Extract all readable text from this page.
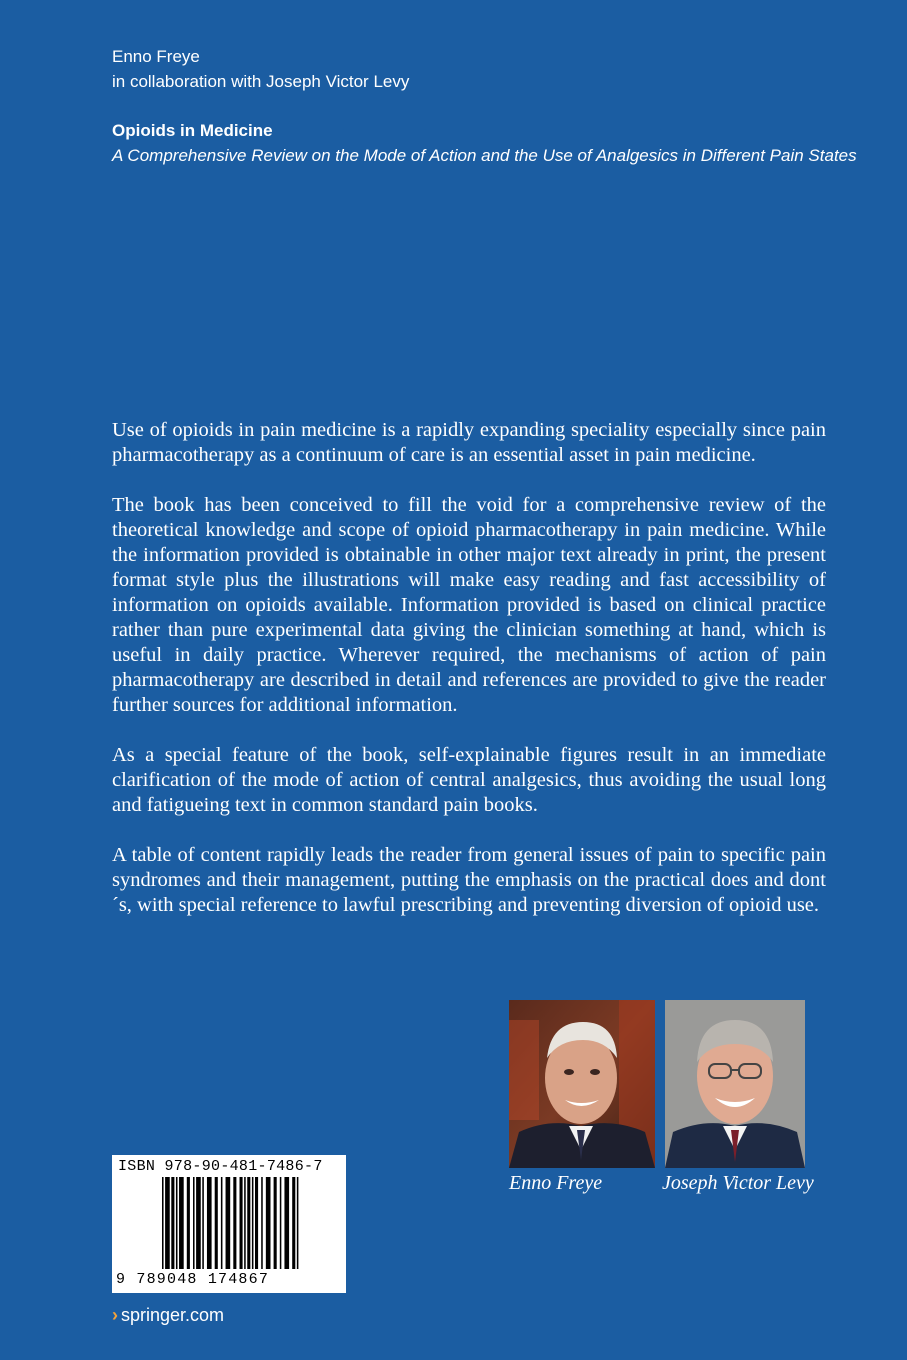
Enno Freye
in collaboration with Joseph Victor Levy
Opioids in Medicine
A Comprehensive Review on the Mode of Action and the Use of Analgesics in Different Pain States

Use of opioids in pain medicine is a rapidly expanding speciality especially since pain pharmacotherapy as a continuum of care is an essential asset in pain medicine.

The book has been conceived to fill the void for a comprehensive review of the theoretical knowledge and scope of opioid pharmacotherapy in pain medicine. While the information provided is obtainable in other major text already in print, the present format style plus the illustrations will make easy reading and fast accessibility of information on opioids available. Information provided is based on clinical practice rather than pure experimental data giving the clinician something at hand, which is useful in daily practice. Wherever required, the mechanisms of action of pain pharmacotherapy are described in detail and references are provided to give the reader further sources for additional information.

As a special feature of the book, self-explainable figures result in an immediate clarification of the mode of action of central analgesics, thus avoiding the usual long and fatigueing text in common standard pain books.

A table of content rapidly leads the reader from general issues of pain to specific pain syndromes and their management, putting the emphasis on the practical does and dont´s, with special reference to lawful prescribing and preventing diversion of opioid use.

Enno Freye	Joseph Victor Levy
ISBN 978-90-481-7486-7
9 789048 174867
› springer.com
